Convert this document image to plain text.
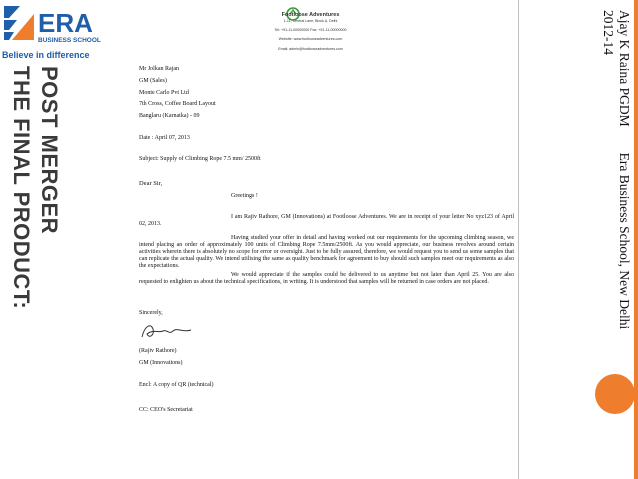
ERA
BUSINESS SCHOOL
Believe in difference
POST MERGER
THE FINAL PRODUCT:
Footloose Adventures
1-11, Central Lane, Block A, Delhi
Tel: +91-11-00000000 Fax: +91-11-00000000
Website: www.footlooseadventures.com
Email: admin@footlooseadventures.com
Mr Jolkan Rajan
GM (Sales)
Monte Carlo Pvt Ltd
7th Cross, Coffee Board Layout
Banglaru (Karnatka) - 09
Date : April 07, 2013
Subject: Supply of Climbing Rope 7.5 mm/ 2500ft
Dear Sir,
Greetings !
I am Rajiv Rathore, GM (Innovations) at Footloose Adventures. We are in receipt of your letter No xyz123 of April 02, 2013.
Having studied your offer in detail and having worked out our requirements for the upcoming climbing season, we intend placing an order of approximately 100 units of Climbing Rope 7.5mm/2500ft. As you would appreciate, our business revolves around certain activities wherein there is absolutely no scope for error or oversight. Just to be fully assured, therefore, we would request you to send us some samples that can replicate the actual quality. We intend utilising the same as quality benchmark for agreement to buy should such samples meet our requirements as also the expectations.
We would appreciate if the samples could be delivered to us anytime but not later than April 25. You are also requested to enlighten us about the technical specifications, in writing. It is understood that samples will be returned in case orders are not placed.
Sincerely,
(Rajiv Rathore)
GM (Innovations)
Encl: A copy of QR (technical)
CC: CEO's Secretariat
Ajay K Raina PGDMEra Business School, New Delhi
2012-14
